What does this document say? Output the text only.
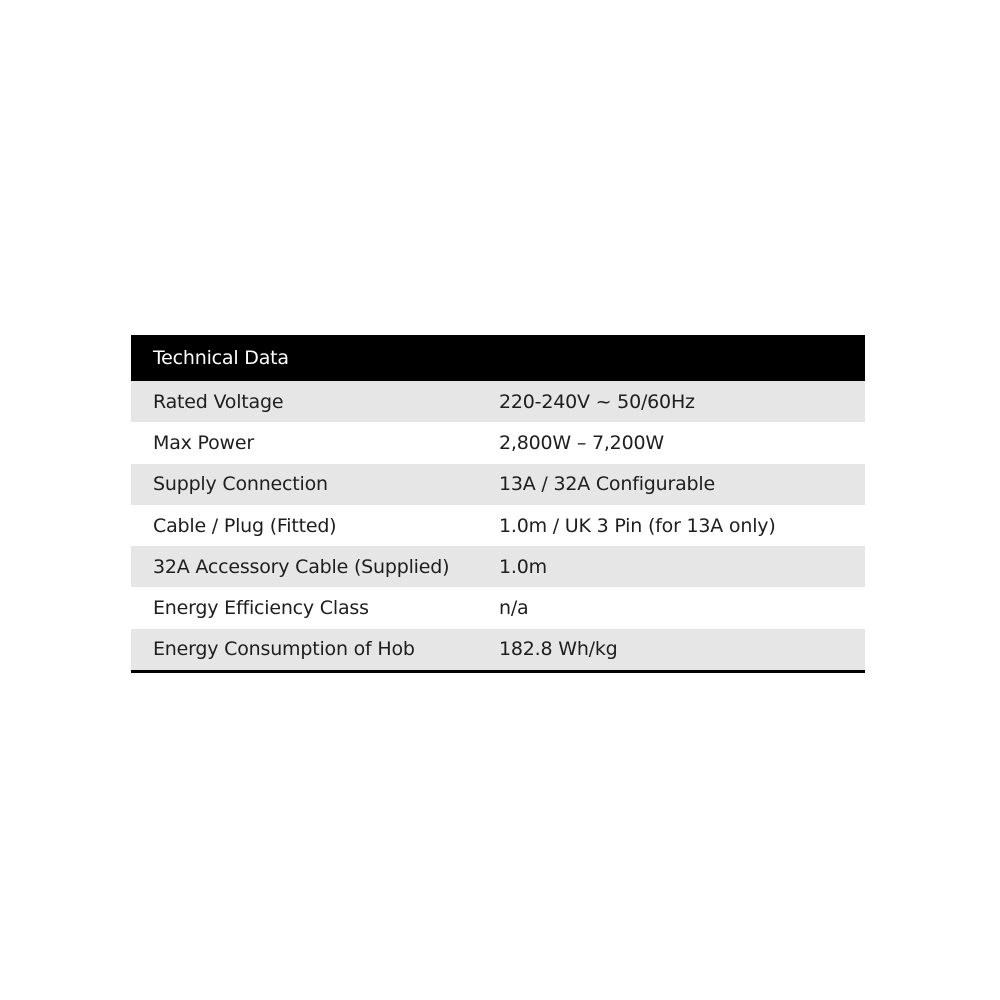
Technical Data
Rated Voltage	220-240V ~ 50/60Hz
Max Power	2,800W – 7,200W
Supply Connection	13A / 32A Configurable
Cable / Plug (Fitted)	1.0m / UK 3 Pin (for 13A only)
32A Accessory Cable (Supplied)	1.0m
Energy Efficiency Class	n/a
Energy Consumption of Hob	182.8 Wh/kg
